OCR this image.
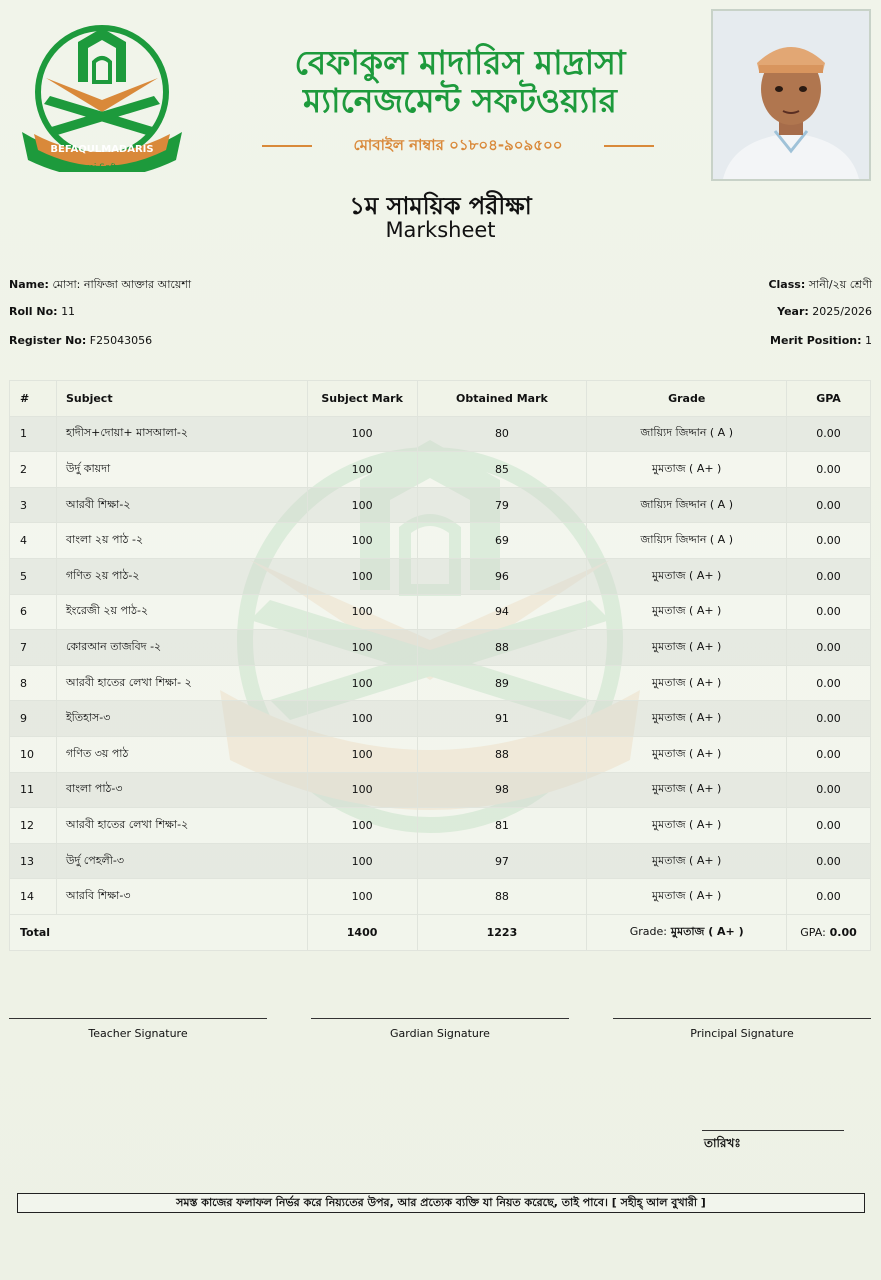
BEFAQULMADARIS
Qawmi Software
বেফাকুল মাদারিস মাদ্রাসা
ম্যানেজমেন্ট সফটওয়্যার
মোবাইল নাম্বার ০১৮০৪-৯০৯৫০০
১ম সাময়িক পরীক্ষা
Marksheet
Name: মোসা: নাফিজা আক্তার আয়েশা
Roll No: 11
Register No: F25043056
Class: সানী/২য় শ্রেণী
Year: 2025/2026
Merit Position: 1
#	Subject	Subject Mark	Obtained Mark	Grade	GPA
1	হাদীস+দোয়া+ মাসআলা-২	100	80	জায়্যিদ জিদ্দান ( A )	0.00
2	উর্দু কায়দা	100	85	মুমতাজ ( A+ )	0.00
3	আরবী শিক্ষা-২	100	79	জায়্যিদ জিদ্দান ( A )	0.00
4	বাংলা ২য় পাঠ -২	100	69	জায়্যিদ জিদ্দান ( A )	0.00
5	গণিত ২য় পাঠ-২	100	96	মুমতাজ ( A+ )	0.00
6	ইংরেজী ২য় পাঠ-২	100	94	মুমতাজ ( A+ )	0.00
7	কোরআন তাজবিদ -২	100	88	মুমতাজ ( A+ )	0.00
8	আরবী হাতের লেখা শিক্ষা- ২	100	89	মুমতাজ ( A+ )	0.00
9	ইতিহাস-৩	100	91	মুমতাজ ( A+ )	0.00
10	গণিত ৩য় পাঠ	100	88	মুমতাজ ( A+ )	0.00
11	বাংলা পাঠ-৩	100	98	মুমতাজ ( A+ )	0.00
12	আরবী হাতের লেখা শিক্ষা-২	100	81	মুমতাজ ( A+ )	0.00
13	উর্দু পেহলী-৩	100	97	মুমতাজ ( A+ )	0.00
14	আরবি শিক্ষা-৩	100	88	মুমতাজ ( A+ )	0.00
Total		1400	1223	Grade: মুমতাজ ( A+ )	GPA: 0.00
Teacher Signature	Gardian Signature	Principal Signature
তারিখঃ
সমস্ত কাজের ফলাফল নির্ভর করে নিয়্যতের উপর, আর প্রত্যেক ব্যক্তি যা নিয়ত করেছে, তাই পাবে। [ সহীহ্ আল বুখারী ]
